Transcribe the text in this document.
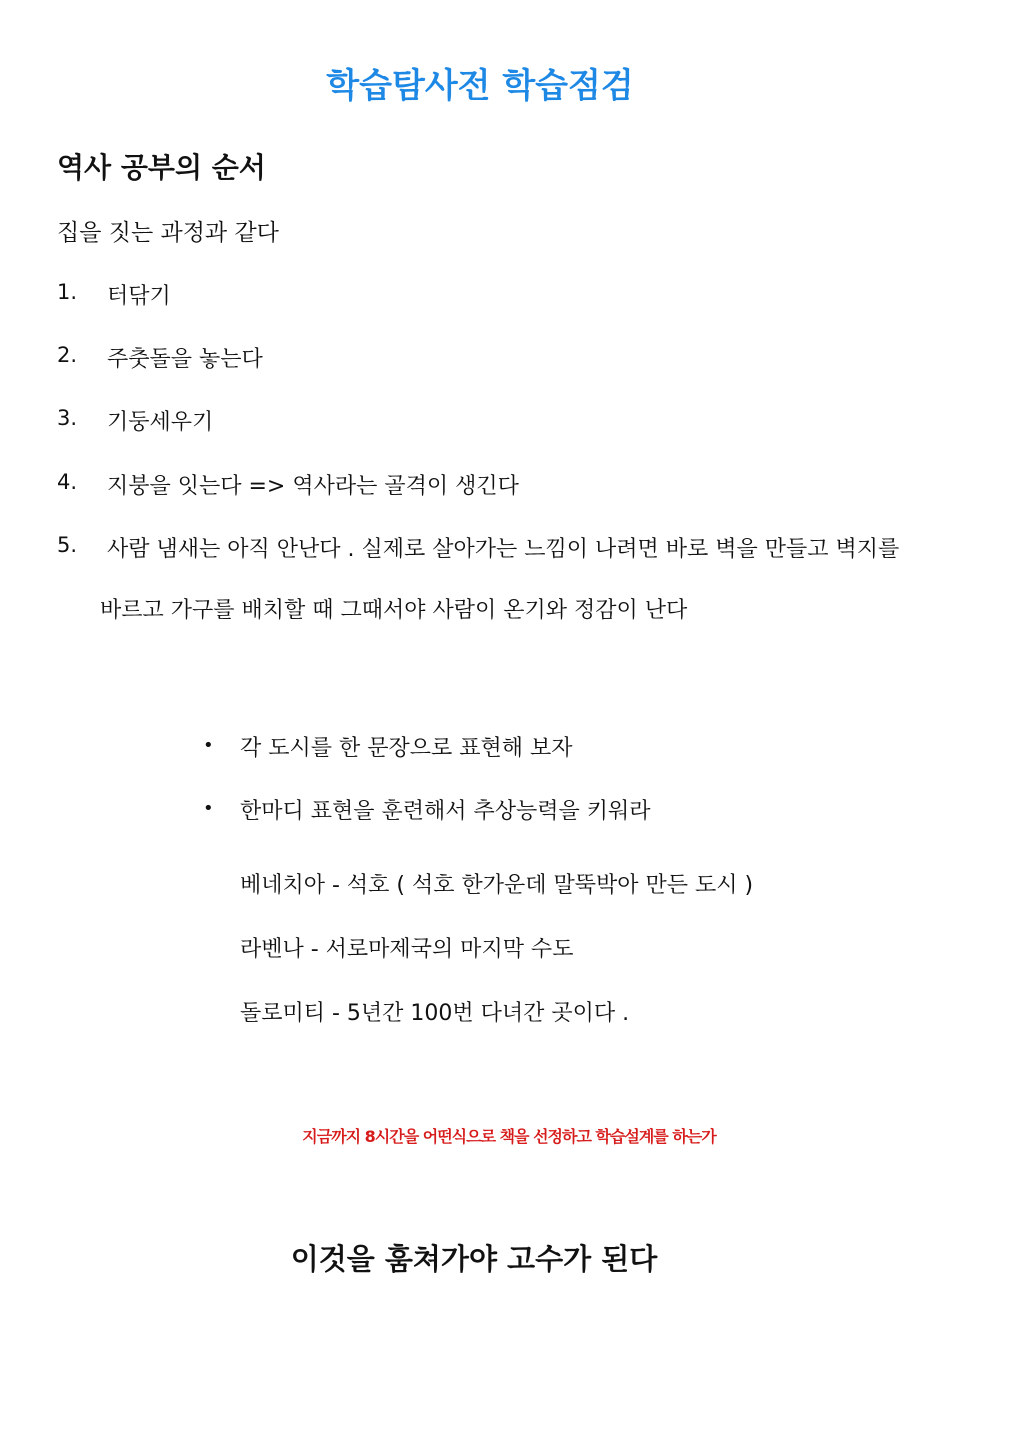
학습탐사전 학습점검
역사 공부의 순서
집을 짓는 과정과 같다
1. 터닦기
2. 주춧돌을 놓는다
3. 기둥세우기
4. 지붕을 잇는다 => 역사라는 골격이 생긴다
5. 사람 냄새는 아직 안난다 . 실제로 살아가는 느낌이 나려면 바로 벽을 만들고 벽지를
바르고 가구를 배치할 때 그때서야 사람이 온기와 정감이 난다
• 각 도시를 한 문장으로 표현해 보자
• 한마디 표현을 훈련해서 추상능력을 키워라
베네치아 - 석호 ( 석호 한가운데 말뚝박아 만든 도시 )
라벤나 - 서로마제국의 마지막 수도
돌로미티 - 5년간 100번 다녀간 곳이다 .
지금까지 8시간을 어떤식으로 책을 선정하고 학습설계를 하는가
이것을 훔쳐가야 고수가 된다
